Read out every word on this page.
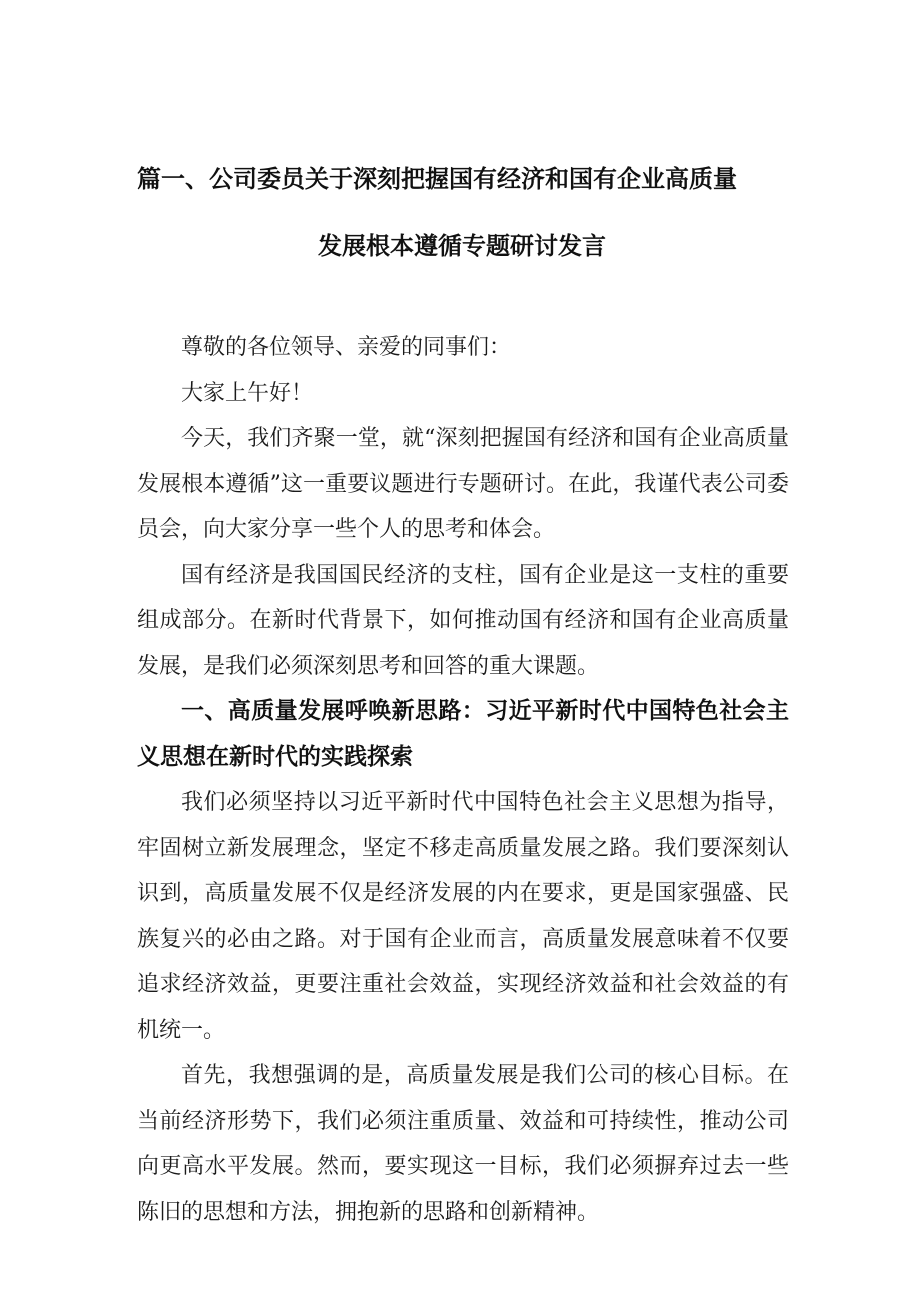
篇一、公司委员关于深刻把握国有经济和国有企业高质量
发展根本遵循专题研讨发言

尊敬的各位领导、亲爱的同事们：

大家上午好！

今天，我们齐聚一堂，就“深刻把握国有经济和国有企业高质量发展根本遵循”这一重要议题进行专题研讨。在此，我谨代表公司委员会，向大家分享一些个人的思考和体会。

国有经济是我国国民经济的支柱，国有企业是这一支柱的重要组成部分。在新时代背景下，如何推动国有经济和国有企业高质量发展，是我们必须深刻思考和回答的重大课题。

一、高质量发展呼唤新思路：习近平新时代中国特色社会主义思想在新时代的实践探索

我们必须坚持以习近平新时代中国特色社会主义思想为指导，牢固树立新发展理念，坚定不移走高质量发展之路。我们要深刻认识到，高质量发展不仅是经济发展的内在要求，更是国家强盛、民族复兴的必由之路。对于国有企业而言，高质量发展意味着不仅要追求经济效益，更要注重社会效益，实现经济效益和社会效益的有机统一。

首先，我想强调的是，高质量发展是我们公司的核心目标。在当前经济形势下，我们必须注重质量、效益和可持续性，推动公司向更高水平发展。然而，要实现这一目标，我们必须摒弃过去一些陈旧的思想和方法，拥抱新的思路和创新精神。
